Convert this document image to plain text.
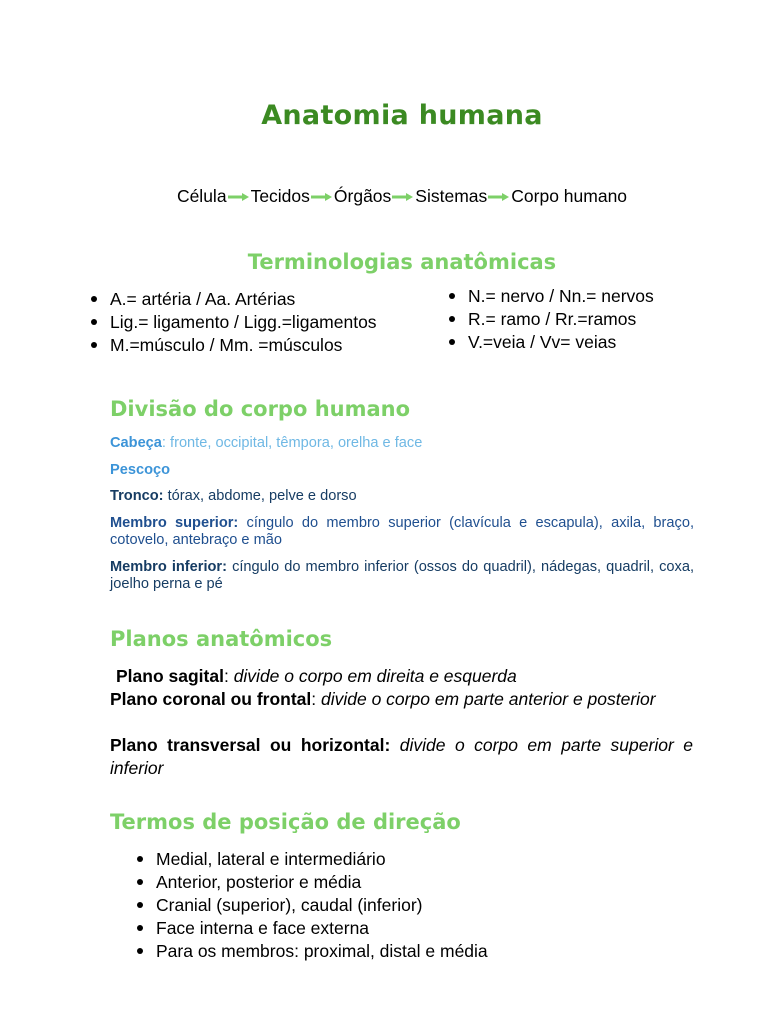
Anatomia humana
Célula Tecidos Órgãos Sistemas Corpo humano
Terminologias anatômicas
A.= artéria / Aa. Artérias
Lig.= ligamento / Ligg.=ligamentos
M.=músculo / Mm. =músculos
N.= nervo / Nn.= nervos
R.= ramo / Rr.=ramos
V.=veia / Vv= veias
Divisão do corpo humano
Cabeça: fronte, occipital, têmpora, orelha e face
Pescoço
Tronco: tórax, abdome, pelve e dorso
Membro superior: cíngulo do membro superior (clavícula e escapula), axila, braço, cotovelo, antebraço e mão
Membro inferior: cíngulo do membro inferior (ossos do quadril), nádegas, quadril, coxa, joelho perna e pé
Planos anatômicos
Plano sagital: divide o corpo em direita e esquerda
Plano coronal ou frontal: divide o corpo em parte anterior e posterior
Plano transversal ou horizontal: divide o corpo em parte superior e inferior
Termos de posição de direção
Medial, lateral e intermediário
Anterior, posterior e média
Cranial (superior), caudal (inferior)
Face interna e face externa
Para os membros: proximal, distal e média
